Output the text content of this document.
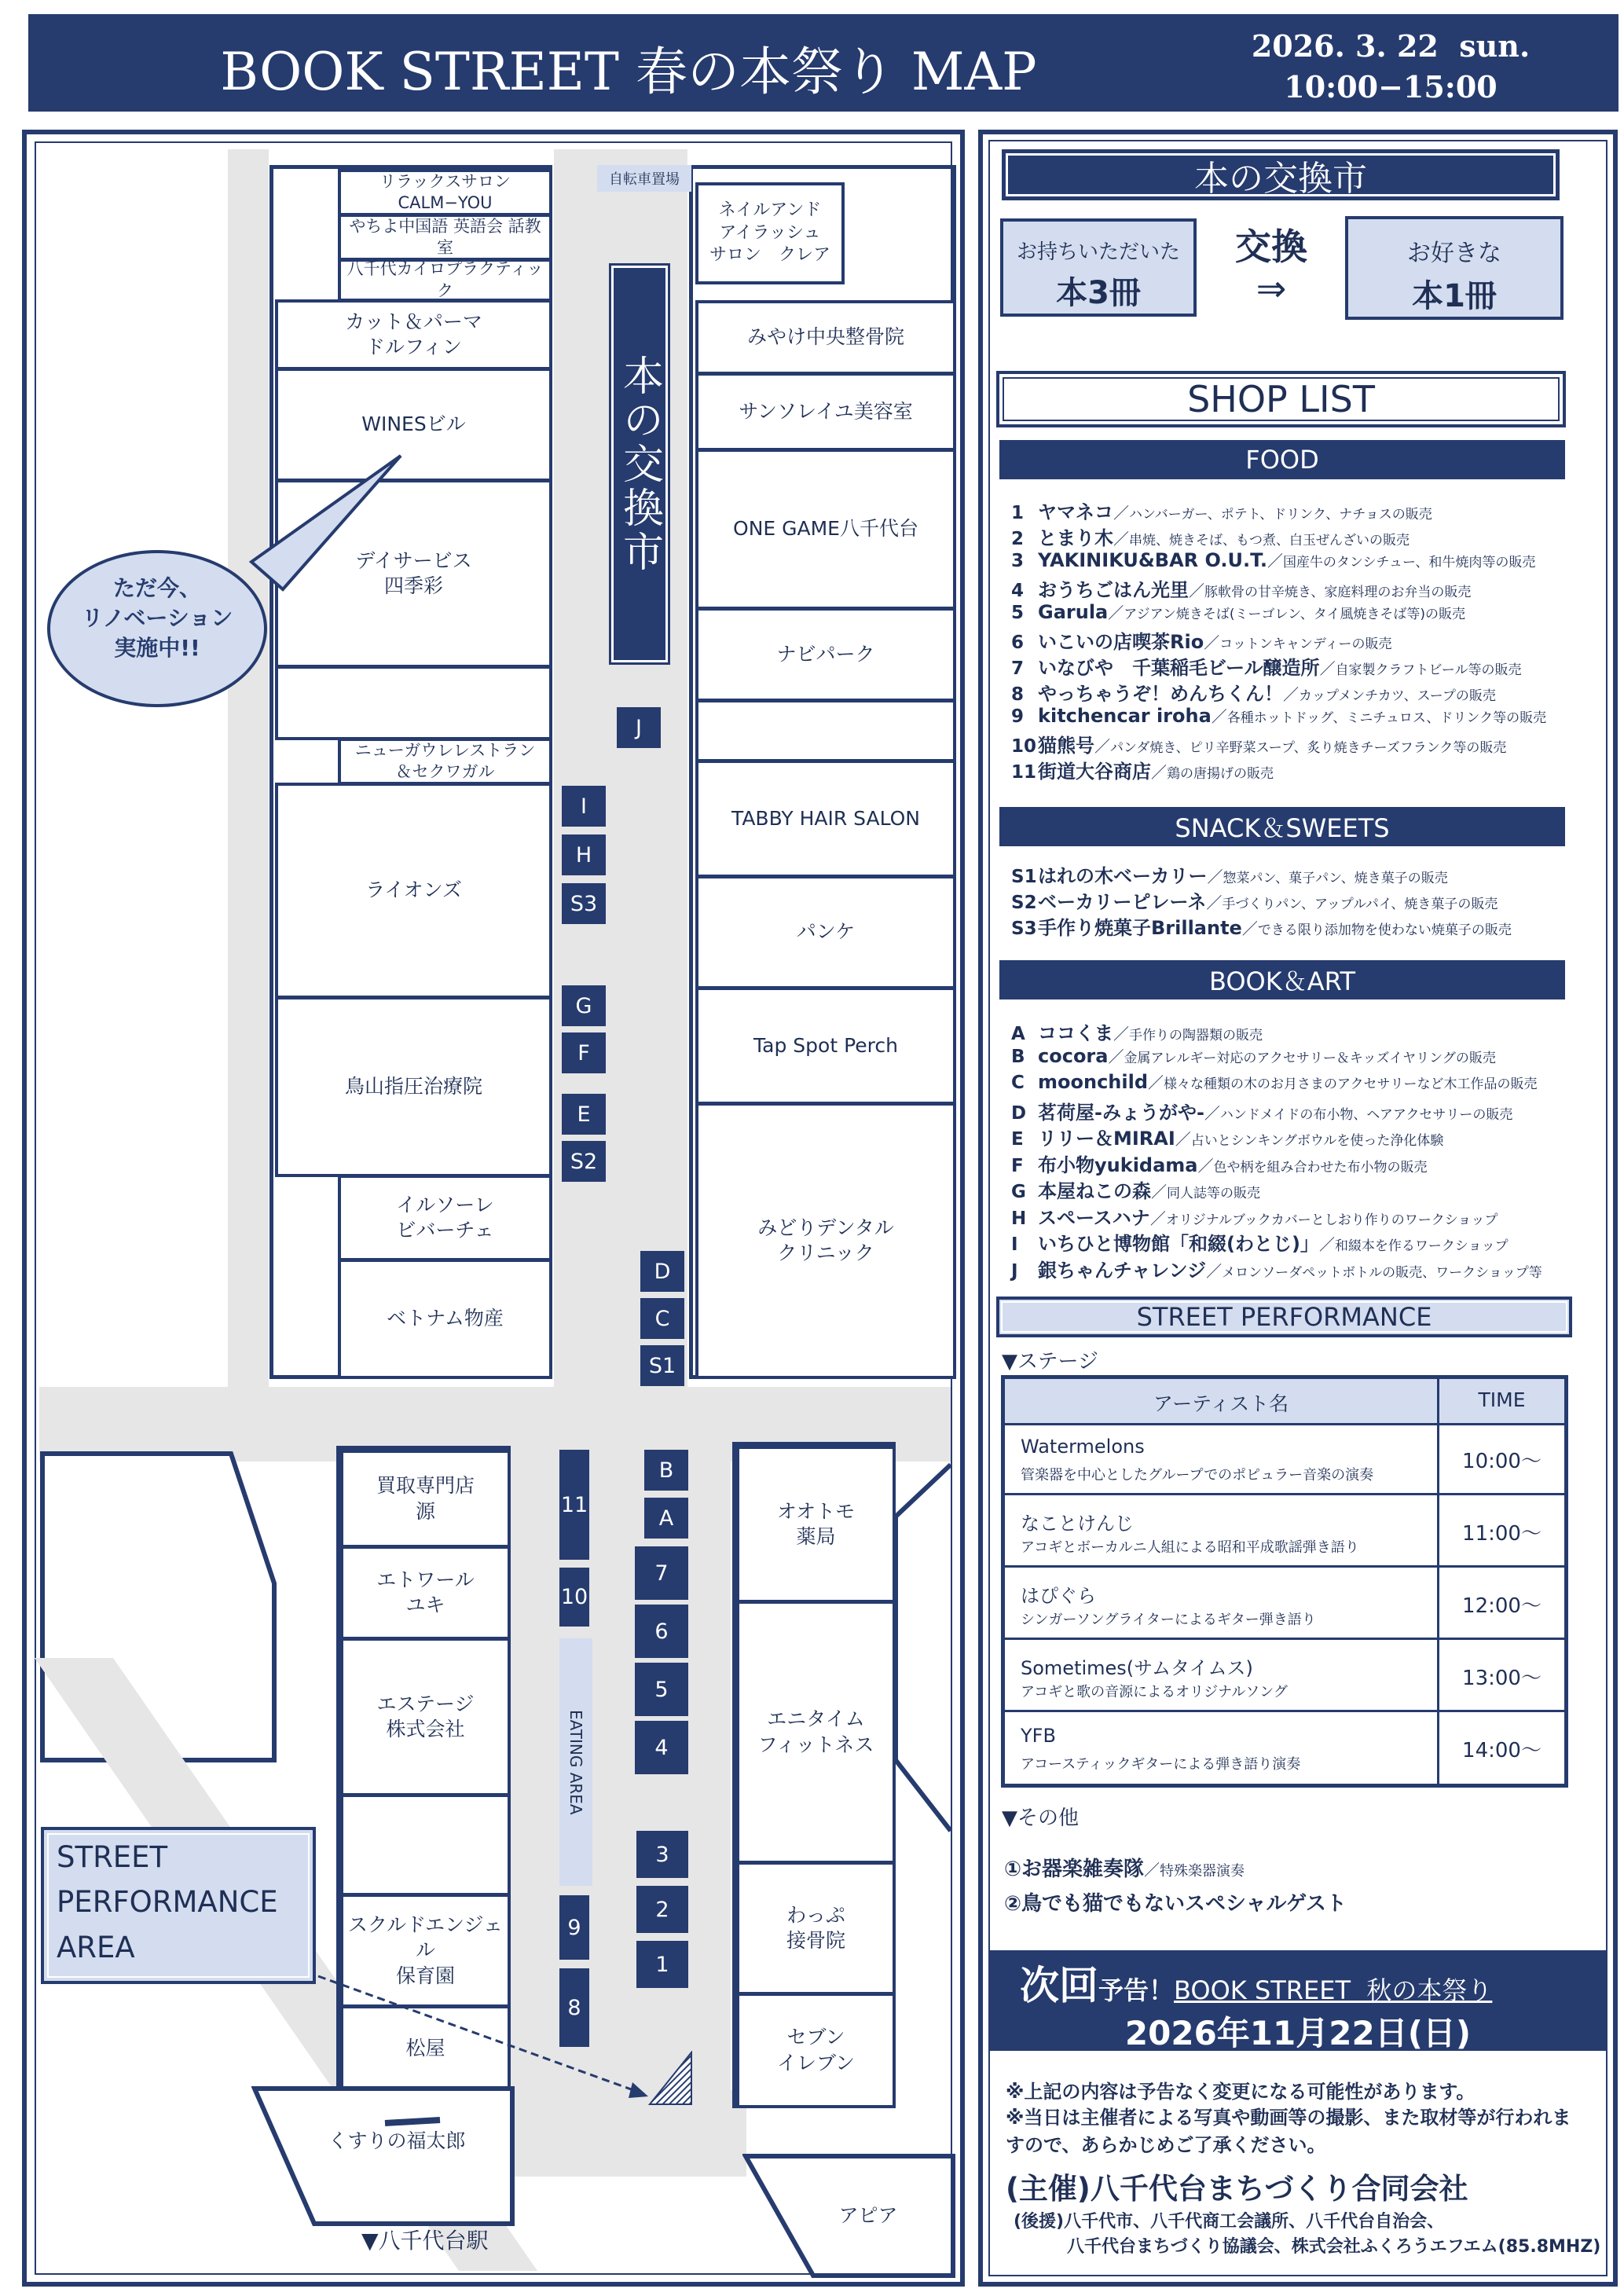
BOOK STREET 春の本祭り MAP	2026. 3. 22  sun.
10:00−15:00
リラックスサロン CALM−YOU
やちよ中国語 英語会 話教室
八千代カイロプラクティック
カット＆パーマ
ドルフィン
WINESビル
デイサービス
四季彩
ニューガウレレストラン
＆セクワガル
ライオンズ
鳥山指圧治療院
イルソーレ
ビバーチェ
ベトナム物産
ただ今、
リノベーション
実施中!!
本の交換市
自転車置場
ネイルアンド
アイラッシュ
サロン　クレア
みやけ中央整骨院
サンソレイユ美容室
ONE GAME八千代台
ナビパーク
TABBY HAIR SALON
パンケ
Tap Spot Perch
みどりデンタル
クリニック
J
I
H
S3
G
F
E
S2
D
C
S1
買取専門店
源
エトワール
ユキ
エステージ
株式会社
スクルドエンジェル
保育園
松屋
くすりの福太郎
▼八千代台駅
EATING AREA
B
A
11
10
9
8
7
6
5
4
3
2
1
オオトモ
薬局
エニタイム
フィットネス
わっぷ
接骨院
セブン
イレブン
アピア
STREET
PERFORMANCE
AREA
本の交換市
お持ちいただいた
本3冊
交換
⇒
お好きな
本1冊
SHOP LIST
FOOD
1 ヤマネコ／ハンバーガー、ポテト、ドリンク、ナチョスの販売
2 とまり木／串焼、焼きそば、もつ煮、白玉ぜんざいの販売
3 YAKINIKU&BAR O.U.T.／国産牛のタンシチュー、和牛焼肉等の販売
4 おうちごはん光里／豚軟骨の甘辛焼き、家庭料理のお弁当の販売
5 Garula／アジアン焼きそば(ミーゴレン、タイ風焼きそば等)の販売
6 いこいの店喫茶Rio／コットンキャンディーの販売
7 いなびや　千葉稲毛ビール醸造所／自家製クラフトビール等の販売
8 やっちゃうぞ！めんちくん！／カップメンチカツ、スープの販売
9 kitchencar iroha／各種ホットドッグ、ミニチュロス、ドリンク等の販売
10猫熊号／パンダ焼き、ピリ辛野菜スープ、炙り焼きチーズフランク等の販売
11街道大谷商店／鶏の唐揚げの販売
SNACK＆SWEETS
S1はれの木ベーカリー／惣菜パン、菓子パン、焼き菓子の販売
S2ベーカリーピレーネ／手づくりパン、アップルパイ、焼き菓子の販売
S3手作り焼菓子Brillante／できる限り添加物を使わない焼菓子の販売
BOOK＆ART
A ココくま／手作りの陶器類の販売
B cocora／金属アレルギー対応のアクセサリー＆キッズイヤリングの販売
C moonchild／様々な種類の木のお月さまのアクセサリーなど木工作品の販売
D 茗荷屋-みょうがや-／ハンドメイドの布小物、ヘアアクセサリーの販売
E リリー＆MIRAI／占いとシンキングボウルを使った浄化体験
F 布小物yukidama／色や柄を組み合わせた布小物の販売
G 本屋ねこの森／同人誌等の販売
H スペースハナ／オリジナルブックカバーとしおり作りのワークショップ
I いちひと博物館「和綴(わとじ)」／和綴本を作るワークショップ
J 銀ちゃんチャレンジ／メロンソーダペットボトルの販売、ワークショップ等
STREET PERFORMANCE
▼ステージ
アーティスト名	TIME
Watermelons
管楽器を中心としたグループでのポピュラー音楽の演奏
10:00〜
なことけんじ
アコギとボーカルニ人組による昭和平成歌謡弾き語り
11:00〜
はぴぐら
シンガーソングライターによるギター弾き語り
12:00〜
Sometimes(サムタイムス)
アコギと歌の音源によるオリジナルソング
13:00〜
YFB
アコースティックギターによる弾き語り演奏
14:00〜
▼その他
①お器楽雑奏隊／特殊楽器演奏
②鳥でも猫でもないスペシャルゲスト
次回予告！BOOK STREET  秋の本祭り
2026年11月22日(日)
※上記の内容は予告なく変更になる可能性があります。
※当日は主催者による写真や動画等の撮影、また取材等が行われますので、あらかじめご了承ください。
(主催)八千代台まちづくり合同会社
(後援)八千代市、八千代商工会議所、八千代台自治会、
八千代台まちづくり協議会、株式会社ふくろうエフエム(85.8MHZ)
